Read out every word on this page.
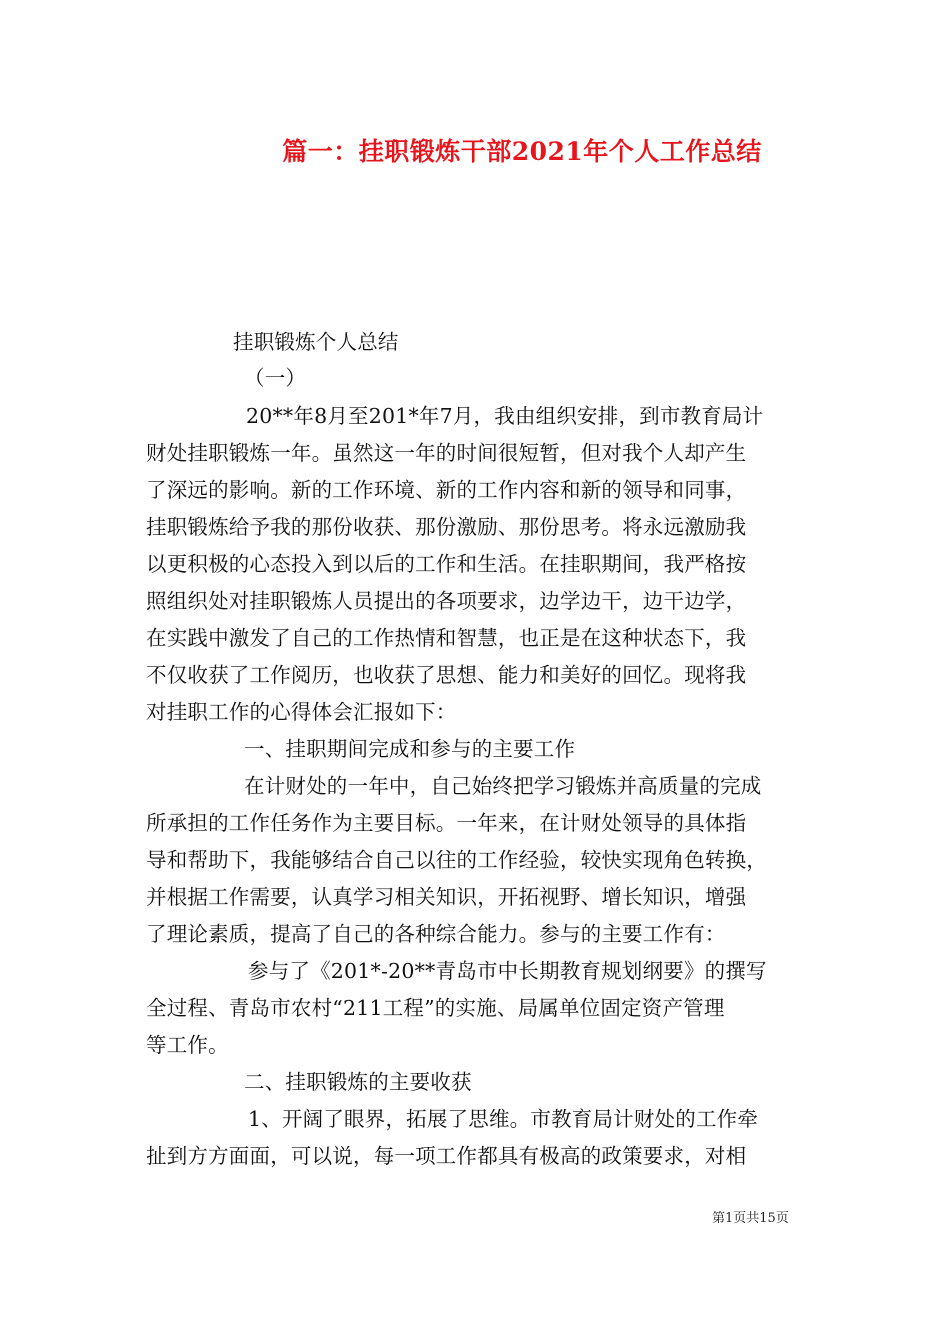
篇一：挂职锻炼干部2021年个人工作总结
挂职锻炼个人总结
（一）
20**年8月至201*年7月，我由组织安排，到市教育局计
财处挂职锻炼一年。虽然这一年的时间很短暂，但对我个人却产生
了深远的影响。新的工作环境、新的工作内容和新的领导和同事，
挂职锻炼给予我的那份收获、那份激励、那份思考。将永远激励我
以更积极的心态投入到以后的工作和生活。在挂职期间，我严格按
照组织处对挂职锻炼人员提出的各项要求，边学边干，边干边学，
在实践中激发了自己的工作热情和智慧，也正是在这种状态下，我
不仅收获了工作阅历，也收获了思想、能力和美好的回忆。现将我
对挂职工作的心得体会汇报如下：
一、挂职期间完成和参与的主要工作
在计财处的一年中，自己始终把学习锻炼并高质量的完成
所承担的工作任务作为主要目标。一年来，在计财处领导的具体指
导和帮助下，我能够结合自己以往的工作经验，较快实现角色转换，
并根据工作需要，认真学习相关知识，开拓视野、增长知识，增强
了理论素质，提高了自己的各种综合能力。参与的主要工作有：
参与了《201*-20**青岛市中长期教育规划纲要》的撰写
全过程、青岛市农村“211工程”的实施、局属单位固定资产管理
等工作。
二、挂职锻炼的主要收获
1、开阔了眼界，拓展了思维。市教育局计财处的工作牵
扯到方方面面，可以说，每一项工作都具有极高的政策要求，对相
第1页共15页
